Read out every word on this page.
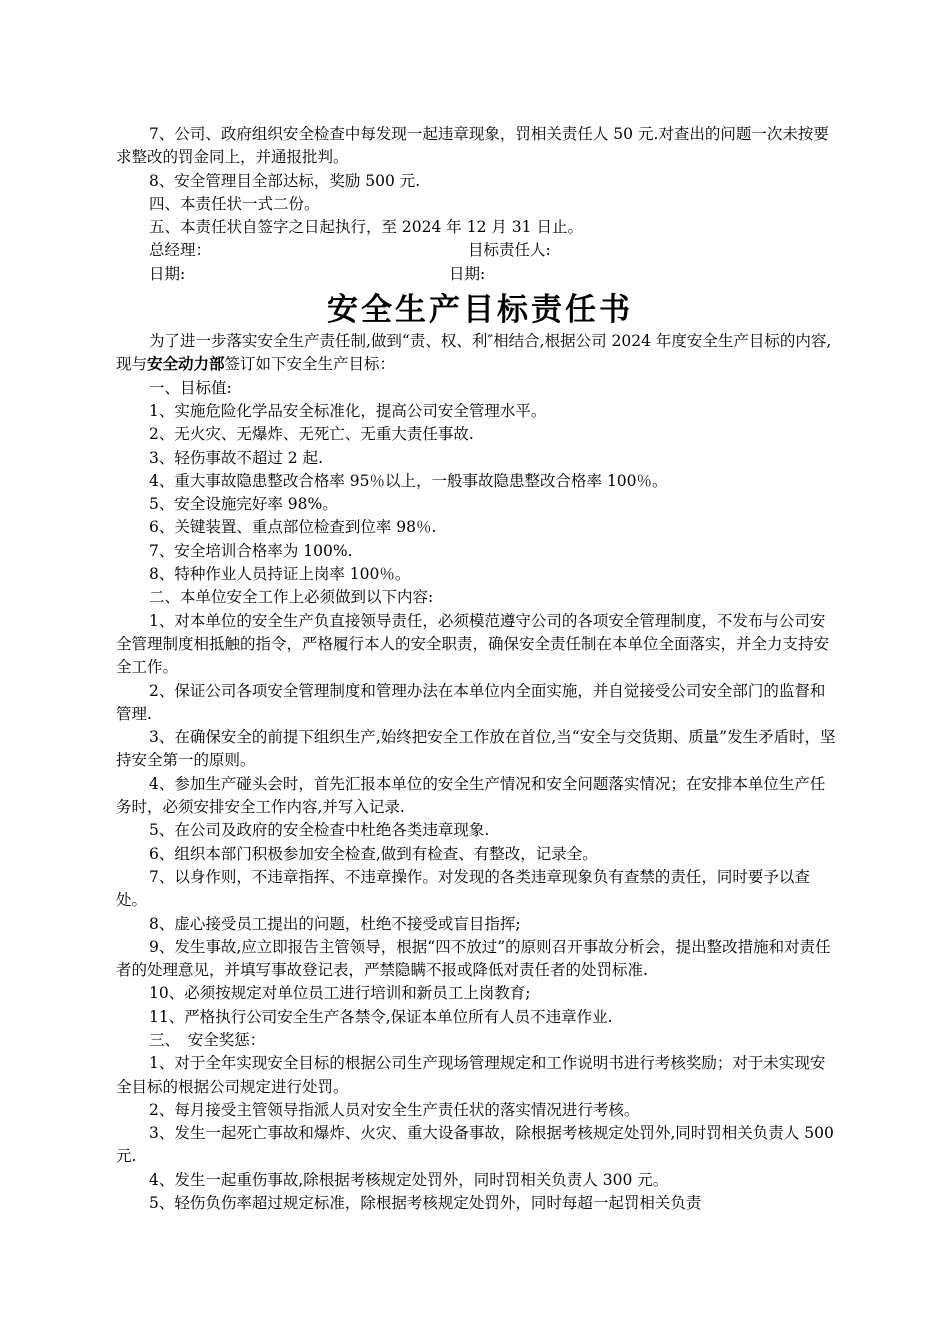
7、公司、政府组织安全检查中每发现一起违章现象，罚相关责任人 50 元.对查出的问题一次未按要求整改的罚金同上，并通报批判。

8、安全管理目全部达标，奖励 500 元.

四、本责任状一式二份。

五、本责任状自签字之日起执行，至 2024 年 12 月 31 日止。

总经理：	目标责任人:
日期:	日期:
安全生产目标责任书

为了进一步落实安全生产责任制,做到“责、权、利″相结合,根据公司 2024 年度安全生产目标的内容,现与安全动力部签订如下安全生产目标：

一、目标值:

1、实施危险化学品安全标准化，提高公司安全管理水平。

2、无火灾、无爆炸、无死亡、无重大责任事故.

3、轻伤事故不超过 2 起.

4、重大事故隐患整改合格率 95％以上，一般事故隐患整改合格率 100％。

5、安全设施完好率 98%。

6、关键装置、重点部位检查到位率 98％.

7、安全培训合格率为 100%.

8、特种作业人员持证上岗率 100％。

二、本单位安全工作上必须做到以下内容:

1、对本单位的安全生产负直接领导责任，必须模范遵守公司的各项安全管理制度，不发布与公司安全管理制度相抵触的指令，严格履行本人的安全职责，确保安全责任制在本单位全面落实，并全力支持安全工作。

2、保证公司各项安全管理制度和管理办法在本单位内全面实施，并自觉接受公司安全部门的监督和管理.

3、在确保安全的前提下组织生产,始终把安全工作放在首位,当“安全与交货期、质量”发生矛盾时，坚持安全第一的原则。

4、参加生产碰头会时，首先汇报本单位的安全生产情况和安全问题落实情况；在安排本单位生产任务时，必须安排安全工作内容,并写入记录.

5、在公司及政府的安全检查中杜绝各类违章现象.

6、组织本部门积极参加安全检查,做到有检查、有整改，记录全。

7、以身作则，不违章指挥、不违章操作。对发现的各类违章现象负有查禁的责任，同时要予以查处。

8、虚心接受员工提出的问题，杜绝不接受或盲目指挥;

9、发生事故,应立即报告主管领导，根据“四不放过”的原则召开事故分析会，提出整改措施和对责任者的处理意见，并填写事故登记表，严禁隐瞒不报或降低对责任者的处罚标准.

10、必须按规定对单位员工进行培训和新员工上岗教育;

11、严格执行公司安全生产各禁令,保证本单位所有人员不违章作业.

三、　安全奖惩：

1、对于全年实现安全目标的根据公司生产现场管理规定和工作说明书进行考核奖励；对于未实现安全目标的根据公司规定进行处罚。

2、每月接受主管领导指派人员对安全生产责任状的落实情况进行考核。

3、发生一起死亡事故和爆炸、火灾、重大设备事故，除根据考核规定处罚外,同时罚相关负责人 500 元.

4、发生一起重伤事故,除根据考核规定处罚外，同时罚相关负责人 300 元。

5、轻伤负伤率超过规定标准，除根据考核规定处罚外，同时每超一起罚相关负责
